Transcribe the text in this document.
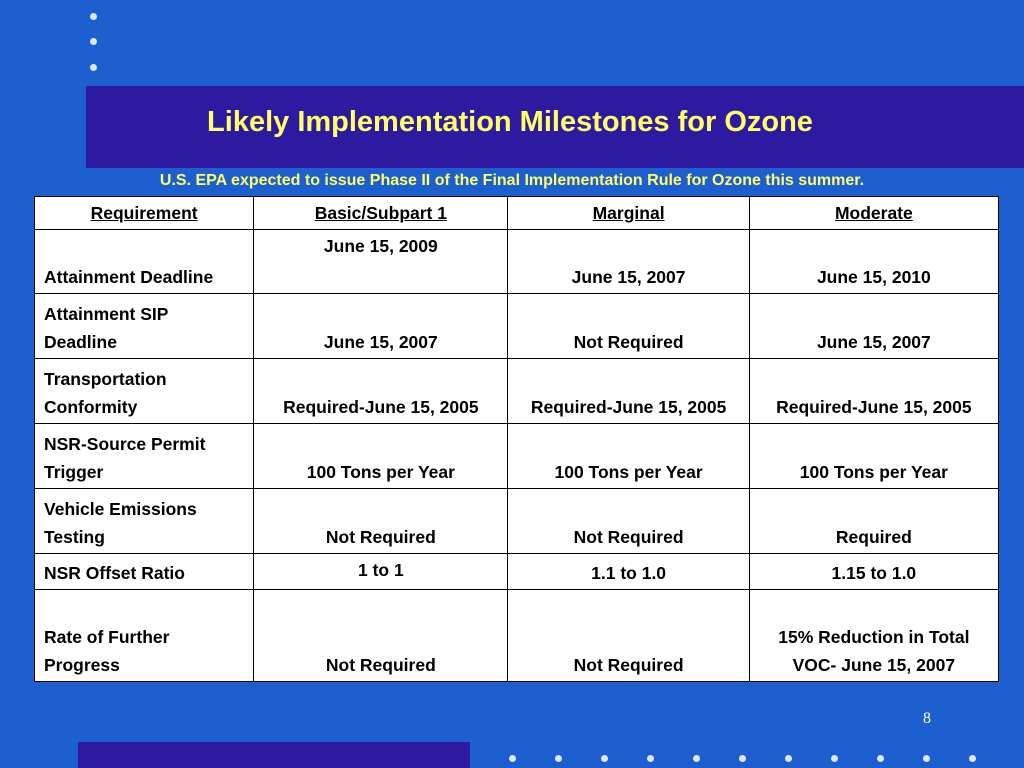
Likely Implementation Milestones for Ozone
U.S. EPA expected to issue Phase II of the Final Implementation Rule for Ozone this summer.
Requirement	Basic/Subpart 1	Marginal	Moderate
Attainment Deadline	June 15, 2009	June 15, 2007	June 15, 2010
Attainment SIP Deadline	June 15, 2007	Not Required	June 15, 2007
Transportation Conformity	Required-June 15, 2005	Required-June 15, 2005	Required-June 15, 2005
NSR-Source Permit Trigger	100 Tons per Year	100 Tons per Year	100 Tons per Year
Vehicle Emissions Testing	Not Required	Not Required	Required
NSR Offset Ratio	1 to 1	1.1 to 1.0	1.15 to 1.0
Rate of Further Progress	Not Required	Not Required	15% Reduction in Total VOC- June 15, 2007
8
